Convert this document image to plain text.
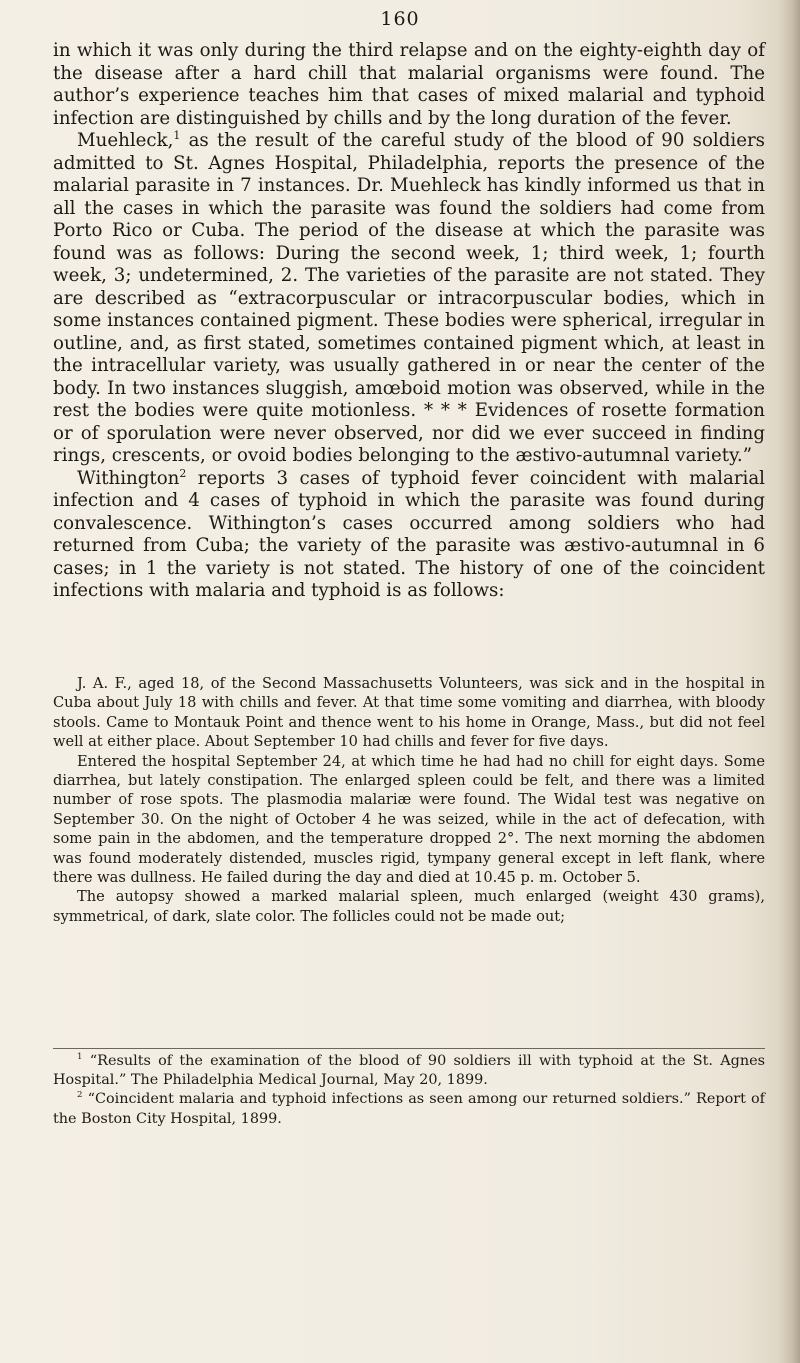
160

in which it was only during the third relapse and on the eighty-eighth day of the disease after a hard chill that malarial organisms were found. The author’s experience teaches him that cases of mixed malarial and typhoid infection are distinguished by chills and by the long duration of the fever.

Muehleck,$^1$ as the result of the careful study of the blood of 90 soldiers admitted to St. Agnes Hospital, Philadelphia, reports the presence of the malarial parasite in 7 instances. Dr. Muehleck has kindly informed us that in all the cases in which the parasite was found the soldiers had come from Porto Rico or Cuba. The period of the disease at which the parasite was found was as follows: During the second week, 1; third week, 1; fourth week, 3; undetermined, 2. The varieties of the parasite are not stated. They are described as “extracorpuscular or intracorpuscular bodies, which in some instances contained pigment. These bodies were spherical, irregular in outline, and, as first stated, sometimes contained pigment which, at least in the intracellular variety, was usually gathered in or near the center of the body. In two instances sluggish, amœboid motion was observed, while in the rest the bodies were quite motionless. * * * Evidences of rosette formation or of sporulation were never observed, nor did we ever succeed in finding rings, crescents, or ovoid bodies belonging to the æstivo-autumnal variety.”

Withington$^2$ reports 3 cases of typhoid fever coincident with malarial infection and 4 cases of typhoid in which the parasite was found during convalescence. Withington’s cases occurred among soldiers who had returned from Cuba; the variety of the parasite was æstivo-autumnal in 6 cases; in 1 the variety is not stated. The history of one of the coincident infections with malaria and typhoid is as follows:

J. A. F., aged 18, of the Second Massachusetts Volunteers, was sick and in the hospital in Cuba about July 18 with chills and fever. At that time some vomiting and diarrhea, with bloody stools. Came to Montauk Point and thence went to his home in Orange, Mass., but did not feel well at either place. About September 10 had chills and fever for five days.

Entered the hospital September 24, at which time he had had no chill for eight days. Some diarrhea, but lately constipation. The enlarged spleen could be felt, and there was a limited number of rose spots. The plasmodia malariæ were found. The Widal test was negative on September 30. On the night of October 4 he was seized, while in the act of defecation, with some pain in the abdomen, and the temperature dropped 2°. The next morning the abdomen was found moderately distended, muscles rigid, tympany general except in left flank, where there was dullness. He failed during the day and died at 10.45 p. m. October 5.

The autopsy showed a marked malarial spleen, much enlarged (weight 430 grams), symmetrical, of dark, slate color. The follicles could not be made out;

$^1$ “Results of the examination of the blood of 90 soldiers ill with typhoid at the St. Agnes Hospital.” The Philadelphia Medical Journal, May 20, 1899.

$^2$ “Coincident malaria and typhoid infections as seen among our returned soldiers.” Report of the Boston City Hospital, 1899.
